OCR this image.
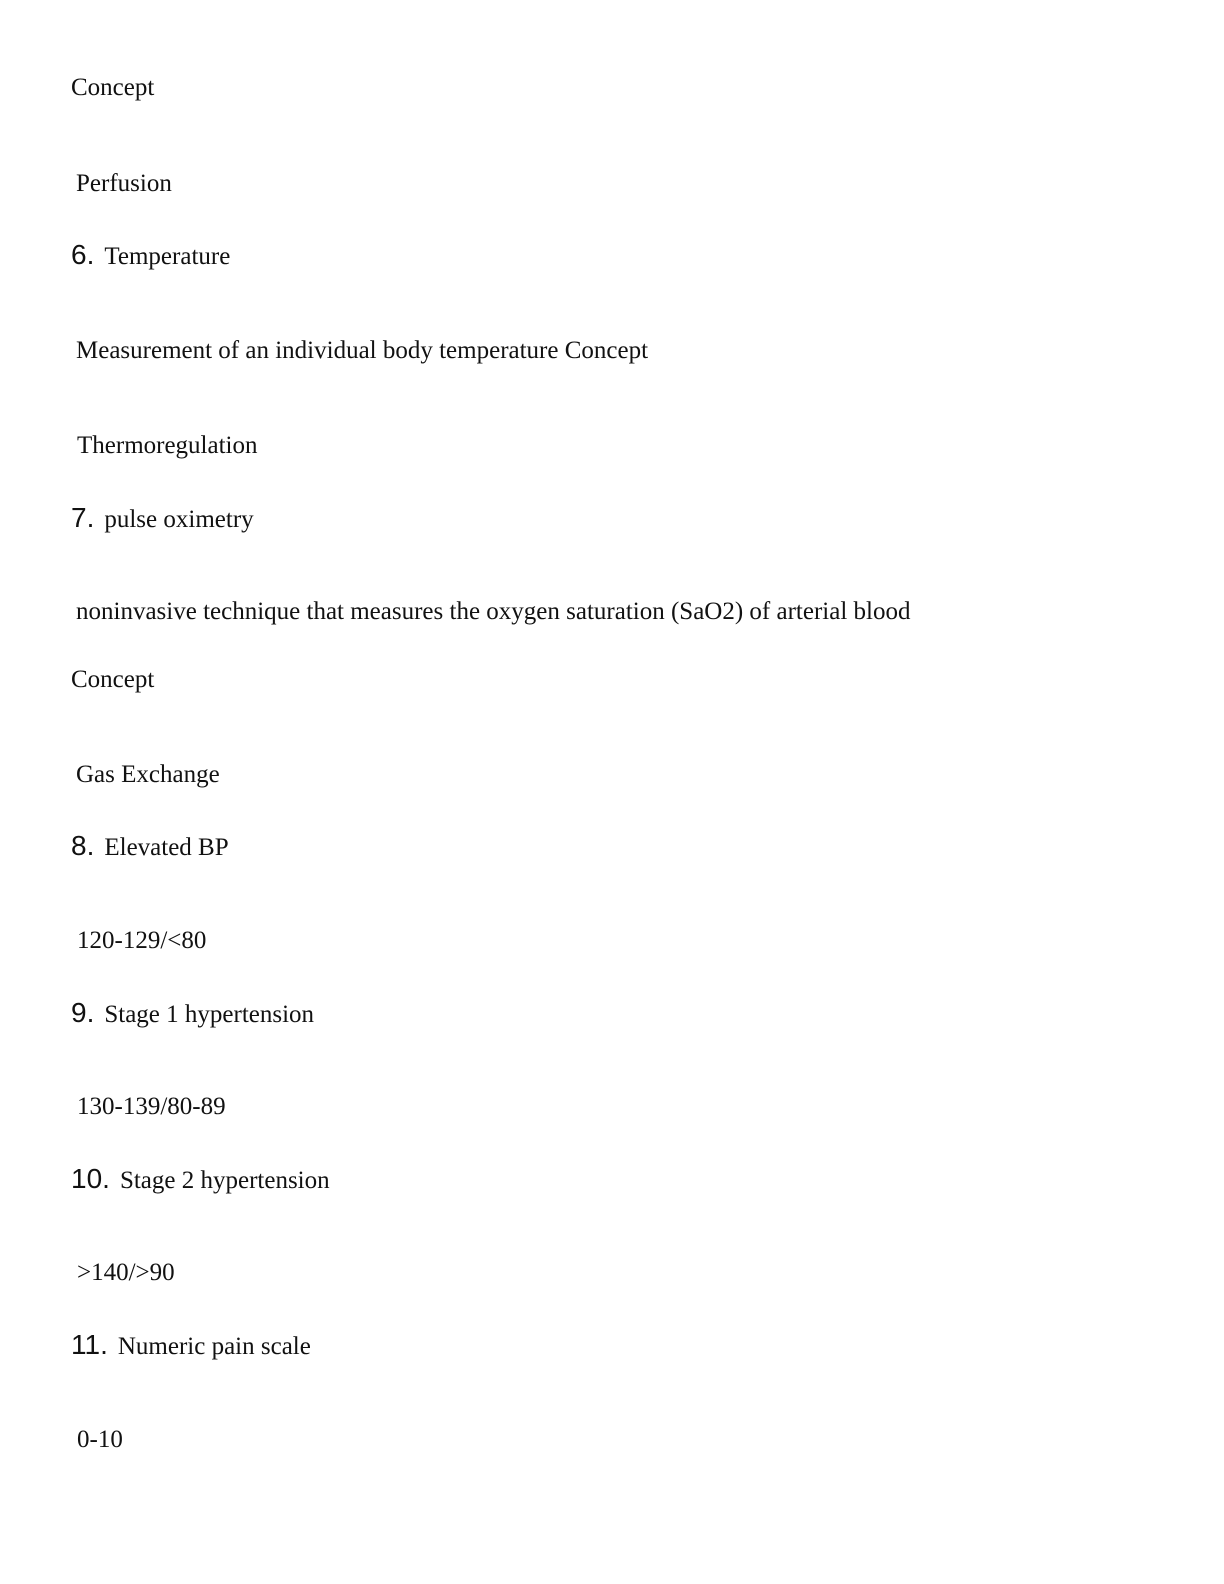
Concept
Perfusion
6 . Temperature
Measurement of an individual body temperature Concept
Thermoregulation
7 . pulse oximetry
noninvasive technique that measures the oxygen saturation (SaO2) of arterial blood
Concept
Gas Exchange
8 . Elevated BP
120-129/<80
9 . Stage 1 hypertension
130-139/80-89
10 . Stage 2 hypertension
>140/>90
11 . Numeric pain scale
0-10
